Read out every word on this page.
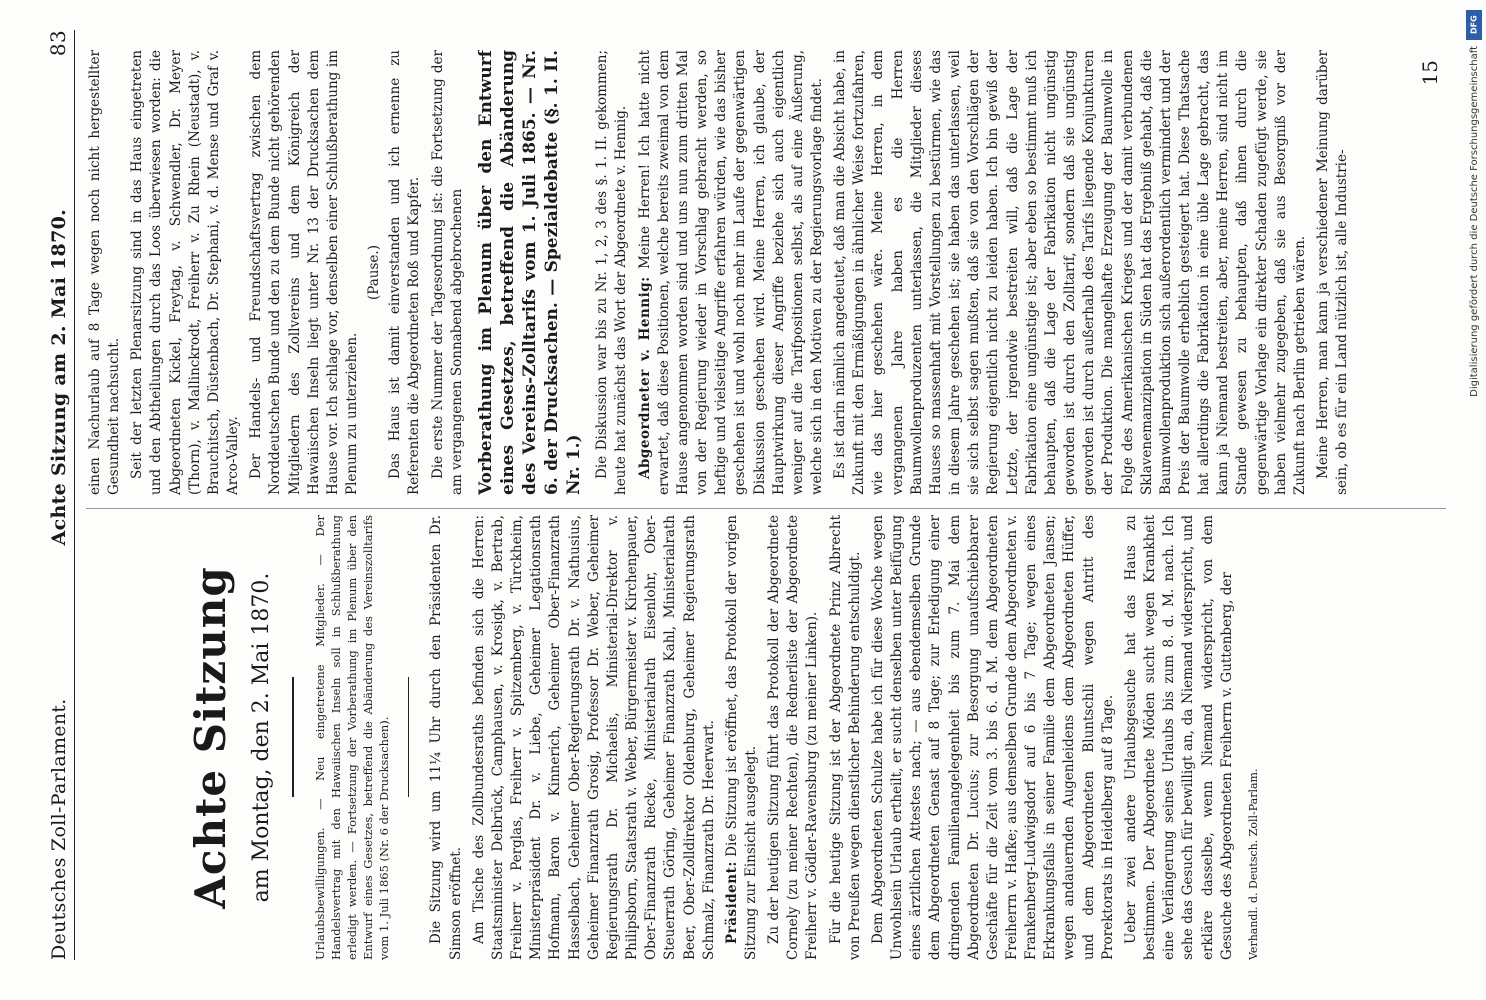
Deutsches Zoll-Parlament.
Achte Sitzung am 2. Mai 1870.
83
Achte Sitzung am Montag, den 2. Mai 1870.	Urlaubsbewilligungen. — Neu eingetretene Mitglieder. — Der Handelsvertrag mit den Hawaiischen Inseln soll in Schlußberathung erledigt werden. — Fortsetzung der Vorberathung im Plenum über den Entwurf eines Gesetzes, betreffend die Abänderung des Vereinszolltarifs vom 1. Juli 1865 (Nr. 6 der Drucksachen).	Die Sitzung wird um 11¼ Uhr durch den Präsidenten Dr. Simson eröffnet. Am Tische des Zollbundesraths befinden sich die Herren: Staatsminister Delbrück, Camphausen, v. Krosigk, v. Bertrab, Freiherr v. Perglas, Freiherr v. Spitzemberg, v. Türckheim, Ministerpräsident Dr. v. Liebe, Geheimer Legationsrath Hofmann, Baron v. Kinnerich, Geheimer Ober-Finanzrath Hasselbach, Geheimer Ober-Regierungsrath Dr. v. Nathusius, Geheimer Finanzrath Grosig, Professor Dr. Weber, Geheimer Regierungsrath Dr. Michaelis, Ministerial-Direktor v. Philipsborn, Staatsrath v. Weber, Bürgermeister v. Kirchenpauer, Ober-Finanzrath Riecke, Ministerialrath Eisenlohr, Ober-Steuerrath Göring, Geheimer Finanzrath Kahl, Ministerialrath Beer, Ober-Zolldirektor Oldenburg, Geheimer Regierungsrath Schmalz, Finanzrath Dr. Heerwart. Präsident: Die Sitzung ist eröffnet, das Protokoll der vorigen Sitzung zur Einsicht ausgelegt. Zu der heutigen Sitzung führt das Protokoll der Abgeordnete Cornely (zu meiner Rechten), die Rednerliste der Abgeordnete Freiherr v. Gödler-Ravensburg (zu meiner Linken). Für die heutige Sitzung ist der Abgeordnete Prinz Albrecht von Preußen wegen dienstlicher Behinderung entschuldigt. Dem Abgeordneten Schulze habe ich für diese Woche wegen Unwohlsein Urlaub ertheilt, er sucht denselben unter Beifügung eines ärztlichen Attestes nach; — aus ebendemselben Grunde dem Abgeordneten Genast auf 8 Tage; zur Erledigung einer dringenden Familienangelegenheit bis zum 7. Mai dem Abgeordneten Dr. Lucius; zur Besorgung unaufschiebbarer Geschäfte für die Zeit vom 3. bis 6. d. M. dem Abgeordneten Freiherrn v. Hafke; aus demselben Grunde dem Abgeordneten v. Frankenberg-Ludwigsdorf auf 6 bis 7 Tage; wegen eines Erkrankungsfalls in seiner Familie dem Abgeordneten Jansen; wegen andauernden Augenleidens dem Abgeordneten Hüffer, und dem Abgeordneten Bluntschli wegen Antritt des Prorektorats in Heidelberg auf 8 Tage. Ueber zwei andere Urlaubsgesuche hat das Haus zu bestimmen. Der Abgeordnete Möden sucht wegen Krankheit eine Verlängerung seines Urlaubs bis zum 8. d. M. nach. Ich sehe das Gesuch für bewilligt an, da Niemand widerspricht, und erkläre dasselbe, wenn Niemand widerspricht, von dem Gesuche des Abgeordneten Freiherrn v. Guttenberg, der Verhandl. d. Deutsch. Zoll-Parlam.

einen Nachurlaub auf 8 Tage wegen noch nicht hergestellter Gesundheit nachsucht. Seit der letzten Plenarsitzung sind in das Haus eingetreten und den Abtheilungen durch das Loos überwiesen worden: die Abgeordneten Kickel, Freytag, v. Schwendler, Dr. Meyer (Thorn), v. Mallinckrodt, Freiherr v. Zu Rhein (Neustadt), v. Brauchitsch, Düstenbach, Dr. Stephani, v. d. Mense und Graf v. Arco-Valley. Der Handels- und Freundschaftsvertrag zwischen dem Norddeutschen Bunde und den zu dem Bunde nicht gehörenden Mitgliedern des Zollvereins und dem Königreich der Hawaiischen Inseln liegt unter Nr. 13 der Drucksachen dem Hause vor. Ich schlage vor, denselben einer Schlußberathung im Plenum zu unterziehen.

(Pause.) Das Haus ist damit einverstanden und ich ernenne zu Referenten die Abgeordneten Roß und Kapfer. Die erste Nummer der Tagesordnung ist: die Fortsetzung der am vergangenen Sonnabend abgebrochenen Vorberathung im Plenum über den Entwurf eines Gesetzes, betreffend die Abänderung des Vereins-Zolltarifs vom 1. Juli 1865. — Nr. 6. der Drucksachen. — Spezialdebatte (§. 1. II. Nr. 1.) Die Diskussion war bis zu Nr. 1, 2, 3 des §. 1. II. gekommen; heute hat zunächst das Wort der Abgeordnete v. Hennig. Abgeordneter v. Hennig: Meine Herren! Ich hatte nicht erwartet, daß diese Positionen, welche bereits zweimal von dem Hause angenommen worden sind und uns nun zum dritten Mal von der Regierung wieder in Vorschlag gebracht werden, so heftige und vielseitige Angriffe erfahren würden, wie das bisher geschehen ist und wohl noch mehr im Laufe der gegenwärtigen Diskussion geschehen wird. Meine Herren, ich glaube, der Hauptwirkung dieser Angriffe beziehe sich auch eigentlich weniger auf die Tarifpositionen selbst, als auf eine Äußerung, welche sich in den Motiven zu der Regierungsvorlage findet. Es ist darin nämlich angedeutet, daß man die Absicht habe, in Zukunft mit den Ermäßigungen in ähnlicher Weise fortzufahren, wie das hier geschehen wäre. Meine Herren, in dem vergangenen Jahre haben es die Herren Baumwollenproduzenten unterlassen, die Mitglieder dieses Hauses so massenhaft mit Vorstellungen zu bestürmen, wie das in diesem Jahre geschehen ist; sie haben das unterlassen, weil sie sich selbst sagen mußten, daß sie von den Vorschlägen der Regierung eigentlich nicht zu leiden haben. Ich bin gewiß der Letzte, der irgendwie bestreiten will, daß die Lage der Fabrikation eine ungünstige ist; aber eben so bestimmt muß ich behaupten, daß die Lage der Fabrikation nicht ungünstig geworden ist durch den Zolltarif, sondern daß sie ungünstig geworden ist durch außerhalb des Tarifs liegende Konjunkturen der Produktion. Die mangelhafte Erzeugung der Baumwolle in Folge des Amerikanischen Krieges und der damit verbundenen Sklavenemanzipation in Süden hat das Ergebniß gehabt, daß die Baumwollenproduktion sich außerordentlich vermindert und der Preis der Baumwolle erheblich gesteigert hat. Diese Thatsache hat allerdings die Fabrikation in eine üble Lage gebracht, das kann ja Niemand bestreiten, aber, meine Herren, sind nicht im Stande gewesen zu behaupten, daß ihnen durch die gegenwärtige Vorlage ein direkter Schaden zugefügt werde, sie haben vielmehr zugegeben, daß sie aus Besorgniß vor der Zukunft nach Berlin getrieben wären. Meine Herren, man kann ja verschiedener Meinung darüber sein, ob es für ein Land nützlich ist, alle Industrie-

15
DFG
Digitalisierung gefördert durch die Deutsche Forschungsgemeinschaft
